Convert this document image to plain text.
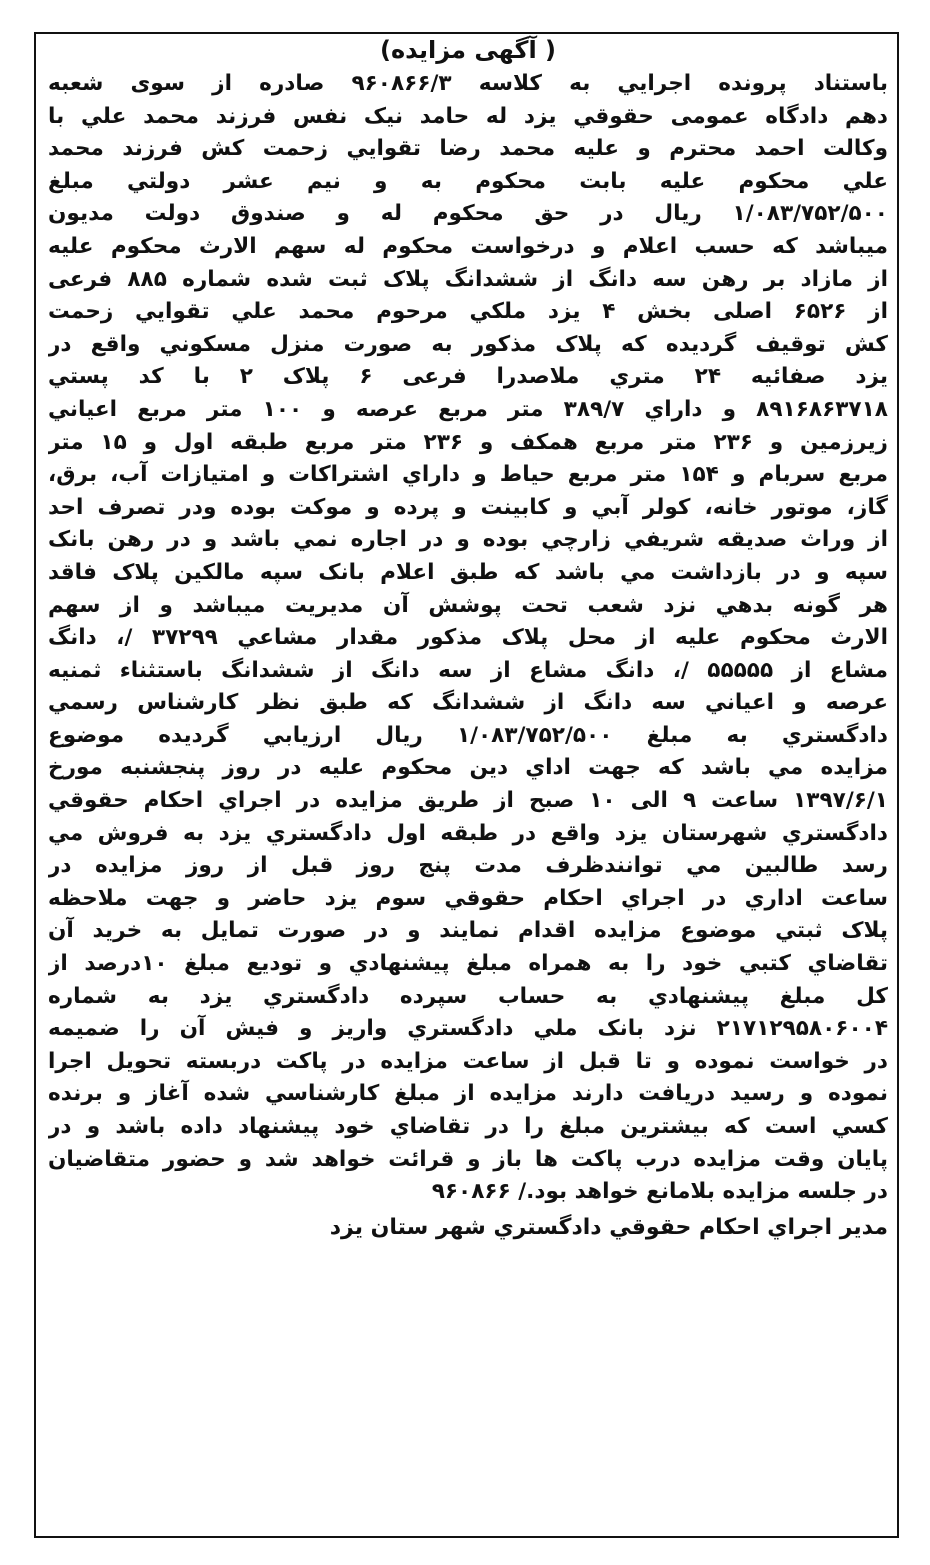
( آگهی مزایده)
باستناد پرونده اجرايي به كلاسه ۹۶۰۸۶۶/۳ صادره از سوی شعبه
دهم دادگاه عمومی حقوقي يزد له حامد نيک نفس فرزند محمد علي با
وكالت احمد محترم و عليه محمد رضا تقوايي زحمت كش فرزند محمد
علي محكوم عليه بابت محكوم به و نيم عشر دولتي مبلغ
۱/۰۸۳/۷۵۲/۵۰۰ ريال در حق محكوم له و صندوق دولت مديون
ميباشد كه حسب اعلام و درخواست محكوم له سهم الارث محكوم عليه
از مازاد بر رهن سه دانگ از ششدانگ پلاک ثبت شده شماره ۸۸۵ فرعی
از ۶۵۲۶ اصلی بخش ۴ يزد ملكي مرحوم محمد علي تقوايي زحمت
كش توقيف گرديده كه پلاک مذكور به صورت منزل مسكوني واقع در
يزد صفائيه ۲۴ متري ملاصدرا فرعی ۶ پلاک ۲ با كد پستي
۸۹۱۶۸۶۳۷۱۸ و داراي ۳۸۹/۷ متر مربع عرصه و ۱۰۰ متر مربع اعياني
زيرزمين و ۲۳۶ متر مربع همكف و ۲۳۶ متر مربع طبقه اول و ۱۵ متر
مربع سربام و ۱۵۴ متر مربع حياط و داراي اشتراكات و امتيازات آب، برق،
گاز، موتور خانه، كولر آبي و كابينت و پرده و موكت بوده ودر تصرف احد
از وراث صديقه شريفي زارچي بوده و در اجاره نمي باشد و در رهن بانک
سپه و در بازداشت مي باشد كه طبق اعلام بانک سپه مالكين پلاک فاقد
هر گونه بدهي نزد شعب تحت پوشش آن مديريت ميباشد و از سهم
الارث محكوم عليه از محل پلاک مذكور مقدار مشاعي ۳۷۲۹۹ /، دانگ
مشاع از ۵۵۵۵۵ /، دانگ مشاع از سه دانگ از ششدانگ باستثناء ثمنيه
عرصه و اعياني سه دانگ از ششدانگ كه طبق نظر كارشناس رسمي
دادگستري به مبلغ ۱/۰۸۳/۷۵۲/۵۰۰ ريال ارزيابي گرديده موضوع
مزايده مي باشد كه جهت اداي دين محكوم عليه در روز پنجشنبه مورخ
۱۳۹۷/۶/۱ ساعت ۹ الی ۱۰ صبح از طريق مزايده در اجراي احكام حقوقي
دادگستري شهرستان يزد واقع در طبقه اول دادگستري يزد به فروش مي
رسد طالبين مي توانندظرف مدت پنج روز قبل از روز مزايده در
ساعت اداري در اجراي احكام حقوقي سوم يزد حاضر و جهت ملاحظه
پلاک ثبتي موضوع مزايده اقدام نمايند و در صورت تمايل به خريد آن
تقاضاي كتبي خود را به همراه مبلغ پيشنهادي و توديع مبلغ ۱۰درصد از
كل مبلغ پيشنهادي به حساب سپرده دادگستري يزد به شماره
۲۱۷۱۲۹۵۸۰۶۰۰۴ نزد بانک ملي دادگستري واريز و فيش آن را ضميمه
در خواست نموده و تا قبل از ساعت مزايده در پاكت دربسته تحويل اجرا
نموده و رسيد دريافت دارند مزايده از مبلغ كارشناسي شده آغاز و برنده
كسي است كه بيشترين مبلغ را در تقاضاي خود پيشنهاد داده باشد و در
پايان وقت مزايده درب پاكت ها باز و قرائت خواهد شد و حضور متقاضيان
در جلسه مزايده بلامانع خواهد بود./ ۹۶۰۸۶۶
مدير اجراي احكام حقوقي دادگستري شهر ستان يزد
